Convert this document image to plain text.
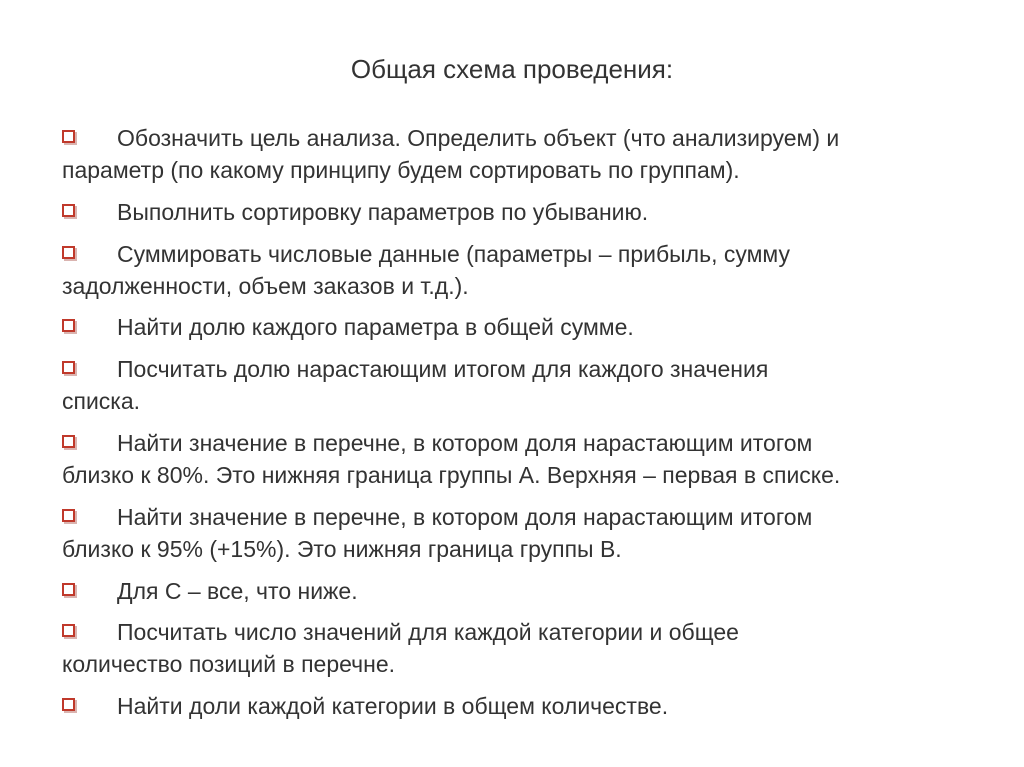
Общая схема проведения:
Обозначить цель анализа. Определить объект (что анализируем) и
параметр (по какому принципу будем сортировать по группам).
Выполнить сортировку параметров по убыванию.
Суммировать числовые данные (параметры – прибыль, сумму
задолженности, объем заказов и т.д.).
Найти долю каждого параметра в общей сумме.
Посчитать долю нарастающим итогом для каждого значения
списка.
Найти значение в перечне, в котором доля нарастающим итогом
близко к 80%. Это нижняя граница группы A. Верхняя – первая в списке.
Найти значение в перечне, в котором доля нарастающим итогом
близко к 95% (+15%). Это нижняя граница группы B.
Для С – все, что ниже.
Посчитать число значений для каждой категории и общее
количество позиций в перечне.
Найти доли каждой категории в общем количестве.
